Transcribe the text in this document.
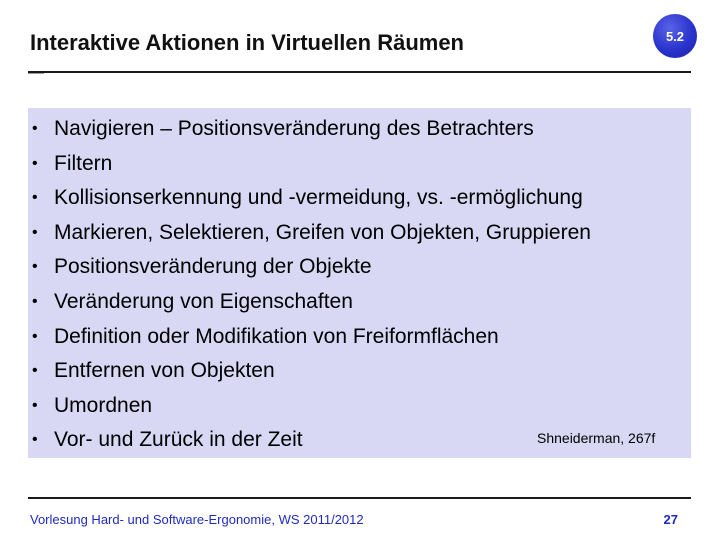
Interaktive Aktionen in Virtuellen Räumen	5.2
• Navigieren – Positionsveränderung des Betrachters
• Filtern
• Kollisionserkennung und -vermeidung, vs. -ermöglichung
• Markieren, Selektieren, Greifen von Objekten, Gruppieren
• Positionsveränderung der Objekte
• Veränderung von Eigenschaften
• Definition oder Modifikation von Freiformflächen
• Entfernen von Objekten
• Umordnen
• Vor- und Zurück in der Zeit	Shneiderman, 267f
Vorlesung Hard- und Software-Ergonomie, WS 2011/2012	27
